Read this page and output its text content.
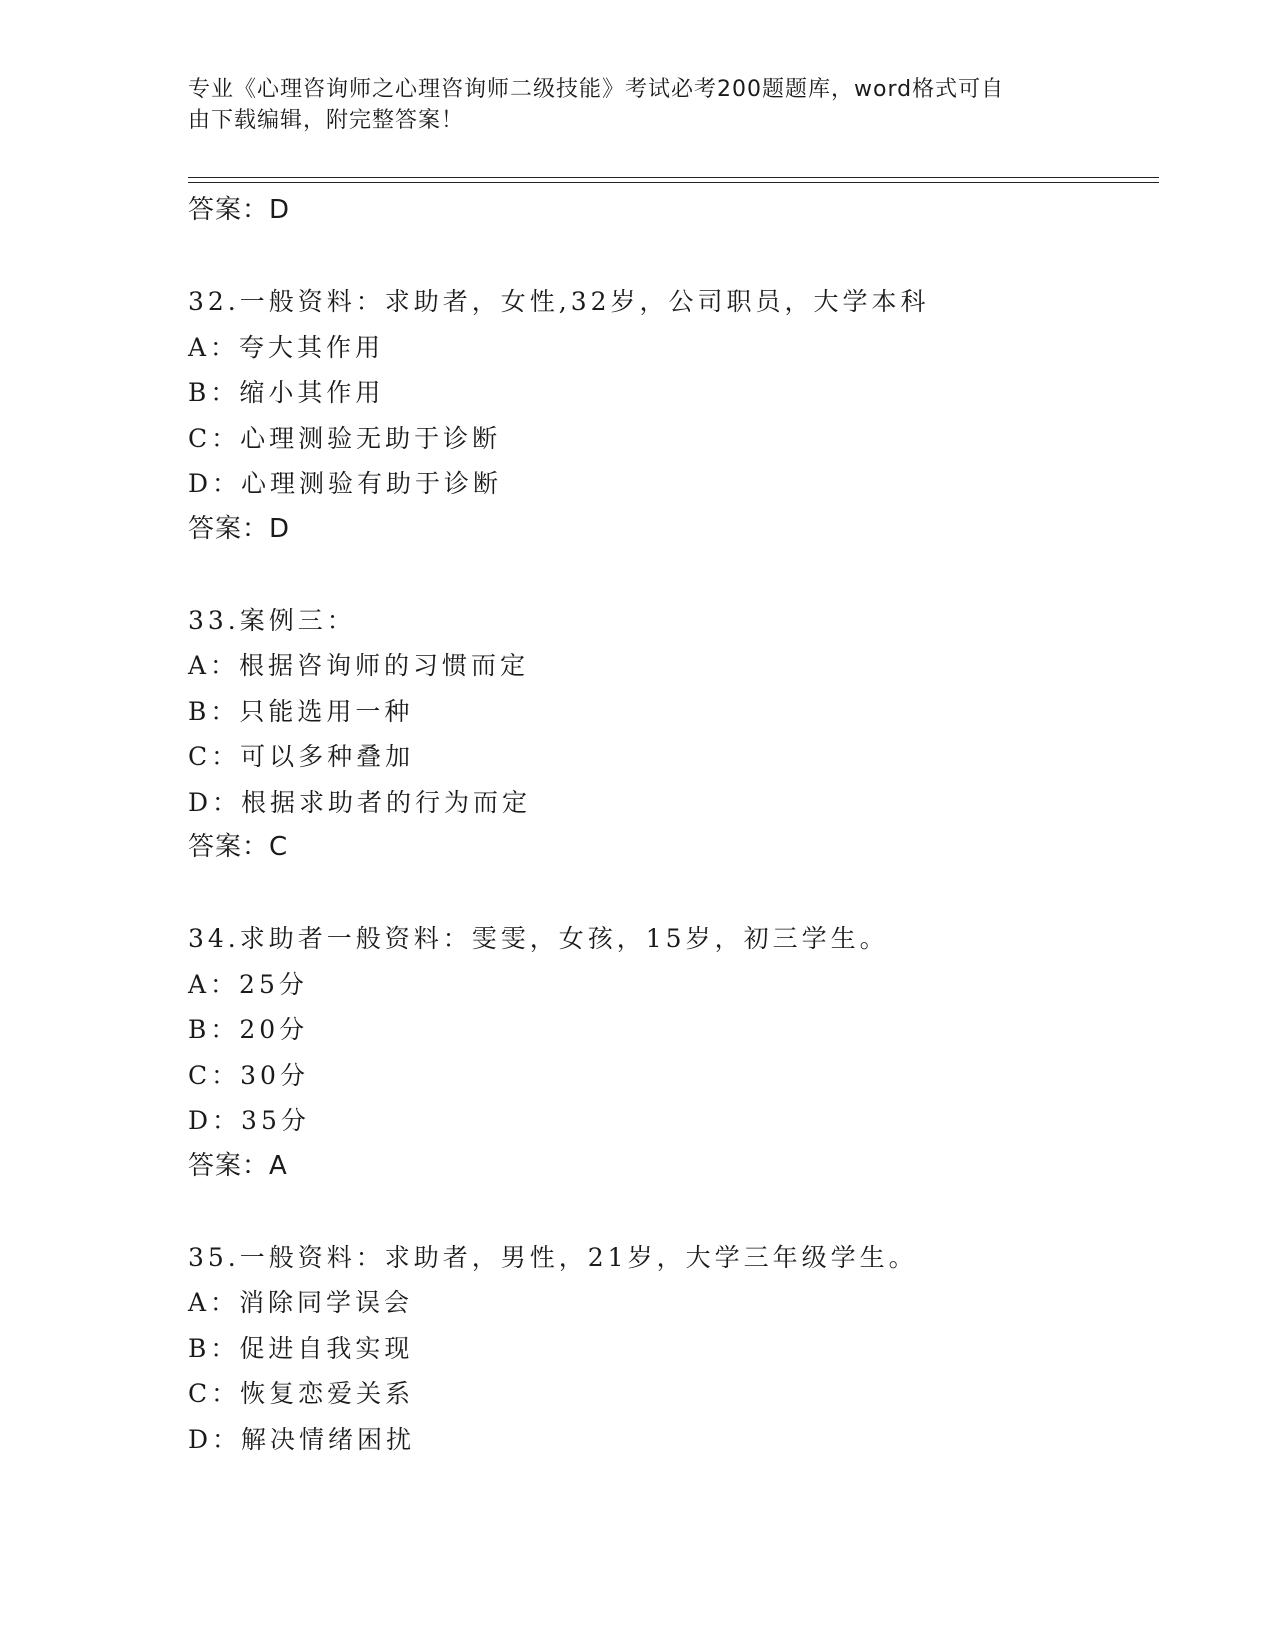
专业《心理咨询师之心理咨询师二级技能》考试必考200题题库，word格式可自
由下载编辑，附完整答案！
答案：D
32.一般资料：求助者，女性,32岁，公司职员，大学本科
A：夸大其作用
B：缩小其作用
C：心理测验无助于诊断
D：心理测验有助于诊断
答案：D
33.案例三：
A：根据咨询师的习惯而定
B：只能选用一种
C：可以多种叠加
D：根据求助者的行为而定
答案：C
34.求助者一般资料：雯雯，女孩，15岁，初三学生。
A：25分
B：20分
C：30分
D：35分
答案：A
35.一般资料：求助者，男性，21岁，大学三年级学生。
A：消除同学误会
B：促进自我实现
C：恢复恋爱关系
D：解决情绪困扰
